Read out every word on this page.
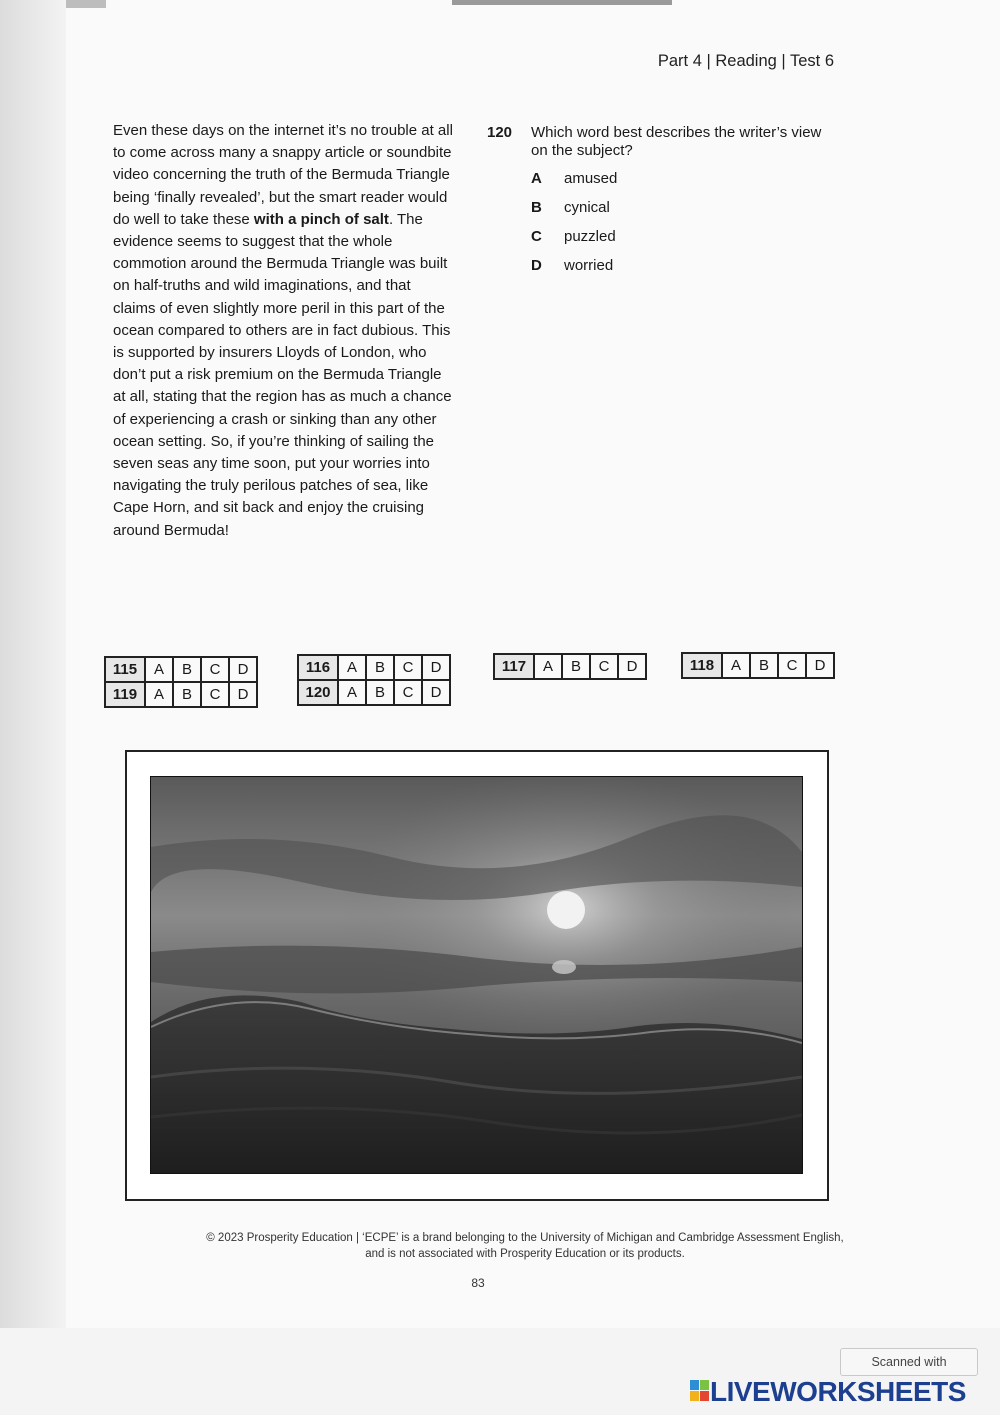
Part 4 | Reading | Test 6

Even these days on the internet it’s no trouble at all to come across many a snappy article or soundbite video concerning the truth of the Bermuda Triangle being ‘finally revealed’, but the smart reader would do well to take these with a pinch of salt. The evidence seems to suggest that the whole commotion around the Bermuda Triangle was built on half-truths and wild imaginations, and that claims of even slightly more peril in this part of the ocean compared to others are in fact dubious. This is supported by insurers Lloyds of London, who don’t put a risk premium on the Bermuda Triangle at all, stating that the region has as much a chance of experiencing a crash or sinking than any other ocean setting. So, if you’re thinking of sailing the seven seas any time soon, put your worries into navigating the truly perilous patches of sea, like Cape Horn, and sit back and enjoy the cruising around Bermuda!

120 Which word best describes the writer’s view on the subject?
A amused
B cynical
C puzzled
D worried
115	A	B	C	D
119	A	B	C	D
116	A	B	C	D
120	A	B	C	D
117	A	B	C	D	118	A	B	C	D
© 2023 Prosperity Education | ‘ECPE’ is a brand belonging to the University of Michigan and Cambridge Assessment English,
and is not associated with Prosperity Education or its products.
83
Scanned with
LIVEWORKSHEETS
